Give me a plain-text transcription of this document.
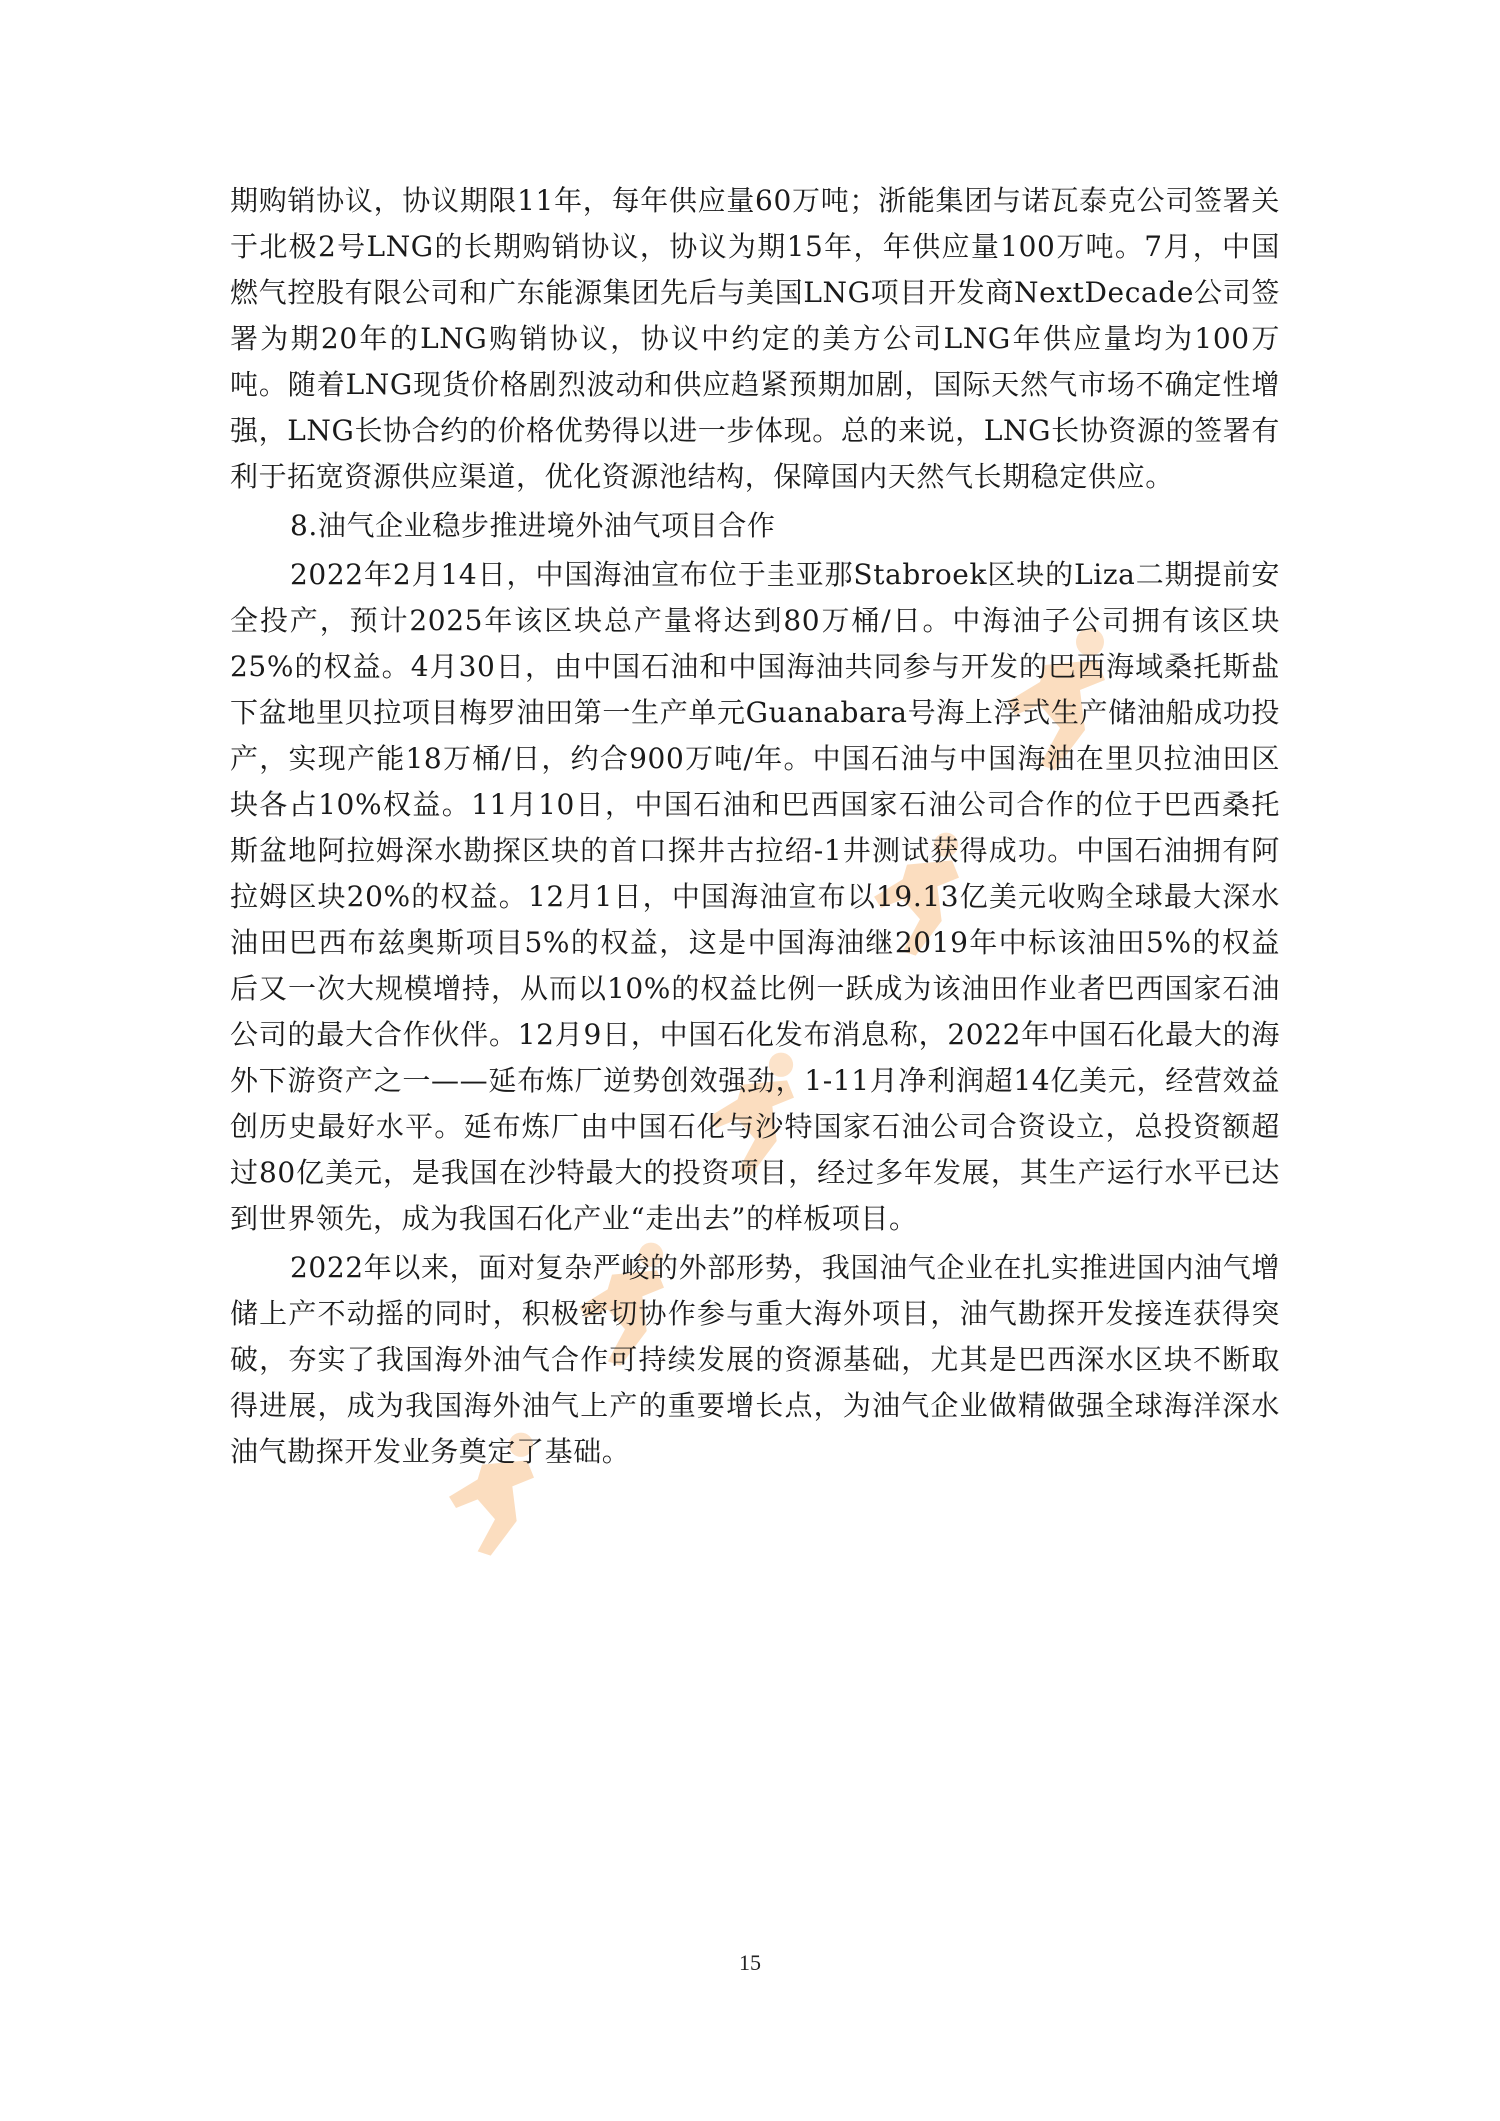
期购销协议，协议期限11年，每年供应量60万吨；浙能集团与诺瓦泰克公司签署关于北极2号LNG的长期购销协议，协议为期15年，年供应量100万吨。7月，中国燃气控股有限公司和广东能源集团先后与美国LNG项目开发商NextDecade公司签署为期20年的LNG购销协议，协议中约定的美方公司LNG年供应量均为100万吨。随着LNG现货价格剧烈波动和供应趋紧预期加剧，国际天然气市场不确定性增强，LNG长协合约的价格优势得以进一步体现。总的来说，LNG长协资源的签署有利于拓宽资源供应渠道，优化资源池结构，保障国内天然气长期稳定供应。

8.油气企业稳步推进境外油气项目合作

2022年2月14日，中国海油宣布位于圭亚那Stabroek区块的Liza二期提前安全投产，预计2025年该区块总产量将达到80万桶/日。中海油子公司拥有该区块25%的权益。4月30日，由中国石油和中国海油共同参与开发的巴西海域桑托斯盐下盆地里贝拉项目梅罗油田第一生产单元Guanabara号海上浮式生产储油船成功投产，实现产能18万桶/日，约合900万吨/年。中国石油与中国海油在里贝拉油田区块各占10%权益。11月10日，中国石油和巴西国家石油公司合作的位于巴西桑托斯盆地阿拉姆深水勘探区块的首口探井古拉绍-1井测试获得成功。中国石油拥有阿拉姆区块20%的权益。12月1日，中国海油宣布以19.13亿美元收购全球最大深水油田巴西布兹奥斯项目5%的权益，这是中国海油继2019年中标该油田5%的权益后又一次大规模增持，从而以10%的权益比例一跃成为该油田作业者巴西国家石油公司的最大合作伙伴。12月9日，中国石化发布消息称，2022年中国石化最大的海外下游资产之一——延布炼厂逆势创效强劲，1-11月净利润超14亿美元，经营效益创历史最好水平。延布炼厂由中国石化与沙特国家石油公司合资设立，总投资额超过80亿美元，是我国在沙特最大的投资项目，经过多年发展，其生产运行水平已达到世界领先，成为我国石化产业“走出去”的样板项目。

2022年以来，面对复杂严峻的外部形势，我国油气企业在扎实推进国内油气增储上产不动摇的同时，积极密切协作参与重大海外项目，油气勘探开发接连获得突破，夯实了我国海外油气合作可持续发展的资源基础，尤其是巴西深水区块不断取得进展，成为我国海外油气上产的重要增长点，为油气企业做精做强全球海洋深水油气勘探开发业务奠定了基础。

15
